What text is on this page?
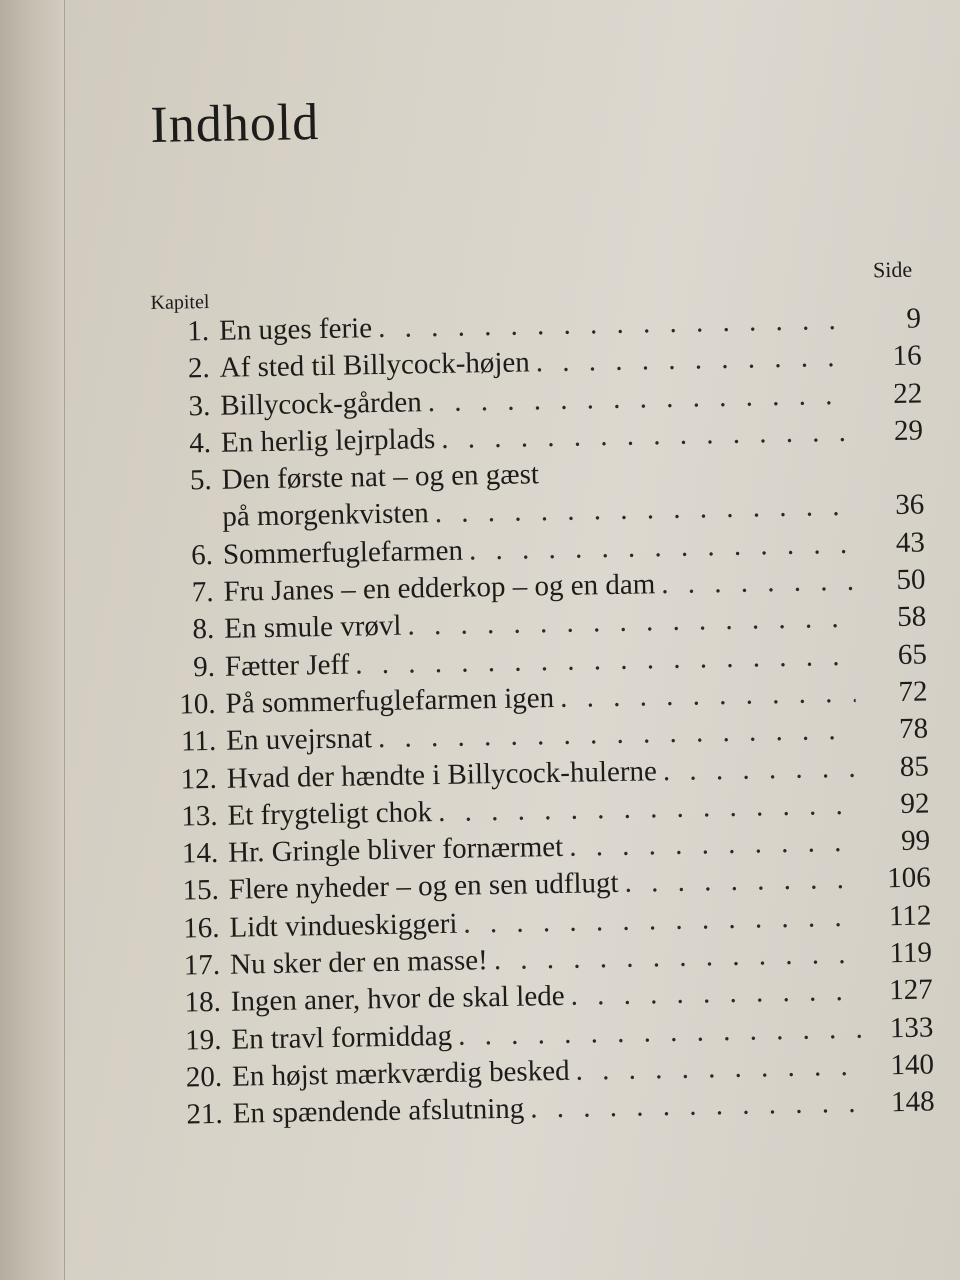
Indhold
Kapitel
Side
1. En uges ferie . . .	9
2. Af sted til Billycock-højen . . .	16
3. Billycock-gården . . .	22
4. En herlig lejrplads . . .	29
5. Den første nat – og en gæst
på morgenkvisten . . .	36
6. Sommerfuglefarmen . . .	43
7. Fru Janes – en edderkop – og en dam . . .	50
8. En smule vrøvl . . .	58
9. Fætter Jeff . . .	65
10. På sommerfuglefarmen igen . . .	72
11. En uvejrsnat . . .	78
12. Hvad der hændte i Billycock-hulerne . . .	85
13. Et frygteligt chok . . .	92
14. Hr. Gringle bliver fornærmet . . .	99
15. Flere nyheder – og en sen udflugt . . .	106
16. Lidt vindueskiggeri . . .	112
17. Nu sker der en masse! . . .	119
18. Ingen aner, hvor de skal lede . . .	127
19. En travl formiddag . . .	133
20. En højst mærkværdig besked . . .	140
21. En spændende afslutning . . .	148
